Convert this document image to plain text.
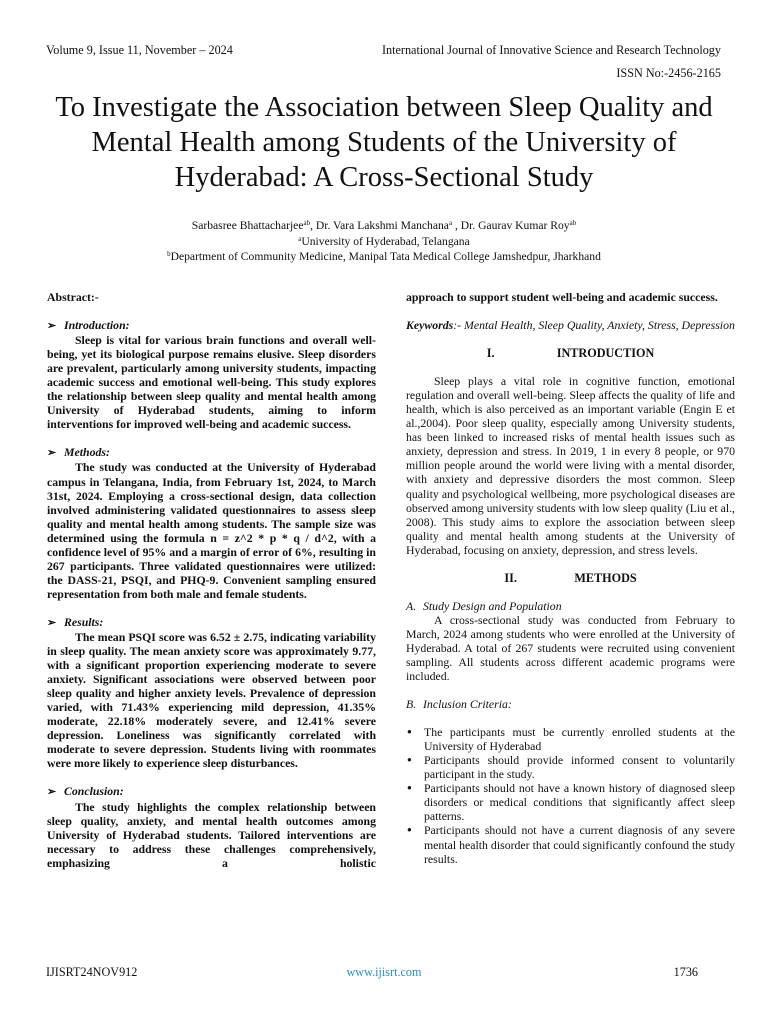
Volume 9, Issue 11, November – 2024	International Journal of Innovative Science and Research Technology
ISSN No:-2456-2165
To Investigate the Association between Sleep Quality and Mental Health among Students of the University of Hyderabad: A Cross-Sectional Study
Sarbasree Bhattacharjee$^{ab}$, Dr. Vara Lakshmi Manchana$^a$ , Dr. Gaurav Kumar Roy$^{ab}$
$^a$University of Hyderabad, Telangana
$^b$Department of Community Medicine, Manipal Tata Medical College Jamshedpur, Jharkhand

Abstract:-

➢ Introduction:

Sleep is vital for various brain functions and overall well-being, yet its biological purpose remains elusive. Sleep disorders are prevalent, particularly among university students, impacting academic success and emotional well-being. This study explores the relationship between sleep quality and mental health among University of Hyderabad students, aiming to inform interventions for improved well-being and academic success.

➢ Methods:

The study was conducted at the University of Hyderabad campus in Telangana, India, from February 1st, 2024, to March 31st, 2024. Employing a cross-sectional design, data collection involved administering validated questionnaires to assess sleep quality and mental health among students. The sample size was determined using the formula n = z^2 * p * q / d^2, with a confidence level of 95% and a margin of error of 6%, resulting in 267 participants. Three validated questionnaires were utilized: the DASS-21, PSQI, and PHQ-9. Convenient sampling ensured representation from both male and female students.

➢ Results:

The mean PSQI score was 6.52 ± 2.75, indicating variability in sleep quality. The mean anxiety score was approximately 9.77, with a significant proportion experiencing moderate to severe anxiety. Significant associations were observed between poor sleep quality and higher anxiety levels. Prevalence of depression varied, with 71.43% experiencing mild depression, 41.35% moderate, 22.18% moderately severe, and 12.41% severe depression. Loneliness was significantly correlated with moderate to severe depression. Students living with roommates were more likely to experience sleep disturbances.

➢ Conclusion:

The study highlights the complex relationship between sleep quality, anxiety, and mental health outcomes among University of Hyderabad students. Tailored interventions are necessary to address these challenges comprehensively, emphasizing a holistic

approach to support student well-being and academic success.

Keywords:- Mental Health, Sleep Quality, Anxiety, Stress, Depression

I.	INTRODUCTION

Sleep plays a vital role in cognitive function, emotional regulation and overall well-being. Sleep affects the quality of life and health, which is also perceived as an important variable (Engin E et al.,2004). Poor sleep quality, especially among University students, has been linked to increased risks of mental health issues such as anxiety, depression and stress. In 2019, 1 in every 8 people, or 970 million people around the world were living with a mental disorder, with anxiety and depressive disorders the most common. Sleep quality and psychological wellbeing, more psychological diseases are observed among university students with low sleep quality (Liu et al., 2008). This study aims to explore the association between sleep quality and mental health among students at the University of Hyderabad, focusing on anxiety, depression, and stress levels.

II.	METHODS

A. Study Design and Population

A cross-sectional study was conducted from February to March, 2024 among students who were enrolled at the University of Hyderabad. A total of 267 students were recruited using convenient sampling. All students across different academic programs were included.

B. Inclusion Criteria:

● The participants must be currently enrolled students at the University of Hyderabad
● Participants should provide informed consent to voluntarily participant in the study.
● Participants should not have a known history of diagnosed sleep disorders or medical conditions that significantly affect sleep patterns.
● Participants should not have a current diagnosis of any severe mental health disorder that could significantly confound the study results.
IJISRT24NOV912	www.ijisrt.com	1736
